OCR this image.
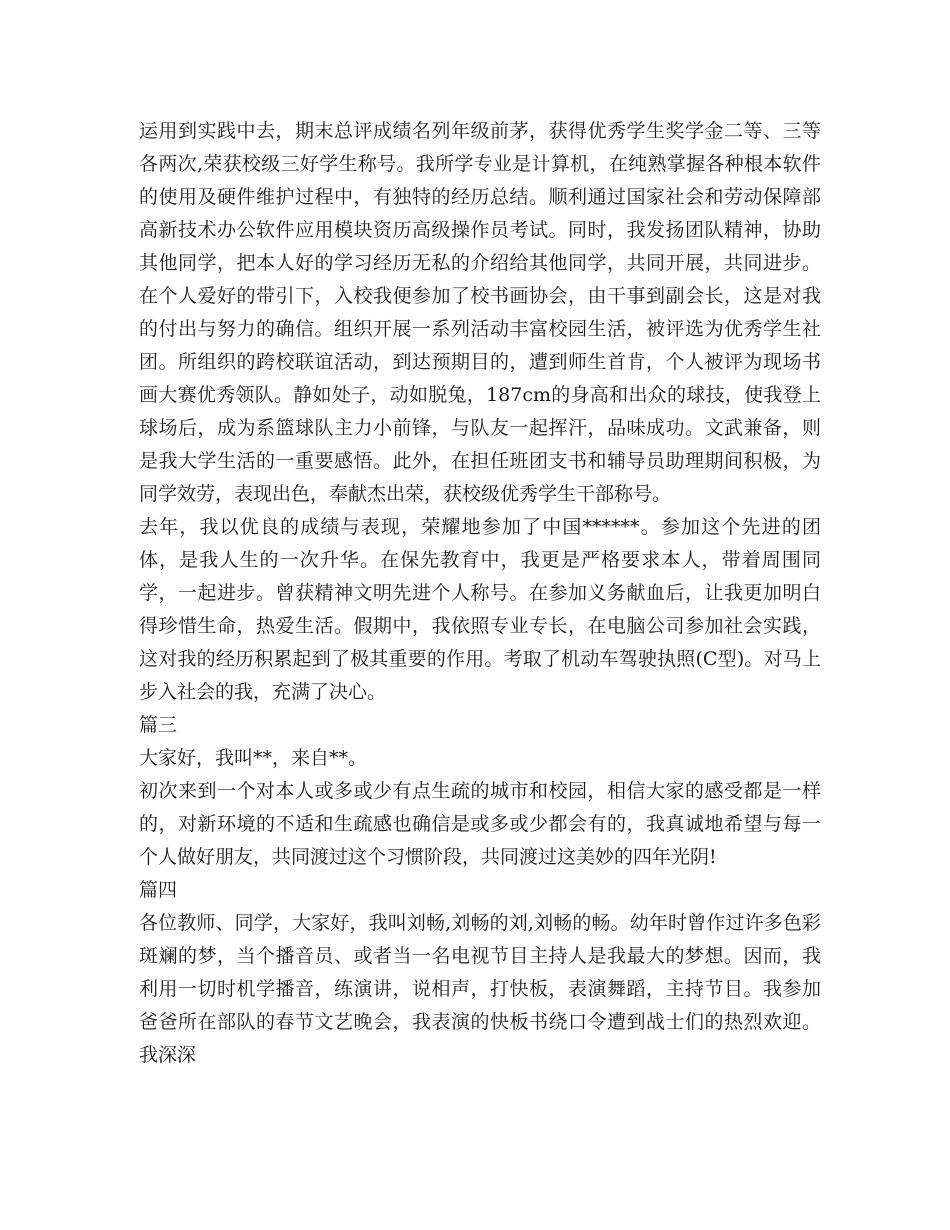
运用到实践中去，期末总评成绩名列年级前茅，获得优秀学生奖学金二等、三等各两次,荣获校级三好学生称号。我所学专业是计算机，在纯熟掌握各种根本软件的使用及硬件维护过程中，有独特的经历总结。顺利通过国家社会和劳动保障部高新技术办公软件应用模块资历高级操作员考试。同时，我发扬团队精神，协助其他同学，把本人好的学习经历无私的介绍给其他同学，共同开展，共同进步。在个人爱好的带引下，入校我便参加了校书画协会，由干事到副会长，这是对我的付出与努力的确信。组织开展一系列活动丰富校园生活，被评选为优秀学生社团。所组织的跨校联谊活动，到达预期目的，遭到师生首肯，个人被评为现场书画大赛优秀领队。静如处子，动如脱兔，187cm的身高和出众的球技，使我登上球场后，成为系篮球队主力小前锋，与队友一起挥汗，品味成功。文武兼备，则是我大学生活的一重要感悟。此外，在担任班团支书和辅导员助理期间积极，为同学效劳，表现出色，奉献杰出荣，获校级优秀学生干部称号。

去年，我以优良的成绩与表现，荣耀地参加了中国******。参加这个先进的团体，是我人生的一次升华。在保先教育中，我更是严格要求本人，带着周围同学，一起进步。曾获精神文明先进个人称号。在参加义务献血后，让我更加明白得珍惜生命，热爱生活。假期中，我依照专业专长，在电脑公司参加社会实践，这对我的经历积累起到了极其重要的作用。考取了机动车驾驶执照(C型)。对马上步入社会的我，充满了决心。

篇三

大家好，我叫**，来自**。

初次来到一个对本人或多或少有点生疏的城市和校园，相信大家的感受都是一样的，对新环境的不适和生疏感也确信是或多或少都会有的，我真诚地希望与每一个人做好朋友，共同渡过这个习惯阶段，共同渡过这美妙的四年光阴!

篇四

各位教师、同学，大家好，我叫刘畅,刘畅的刘,刘畅的畅。幼年时曾作过许多色彩斑斓的梦，当个播音员、或者当一名电视节目主持人是我最大的梦想。因而，我利用一切时机学播音，练演讲，说相声，打快板，表演舞蹈，主持节目。我参加爸爸所在部队的春节文艺晚会，我表演的快板书绕口令遭到战士们的热烈欢迎。我深深
